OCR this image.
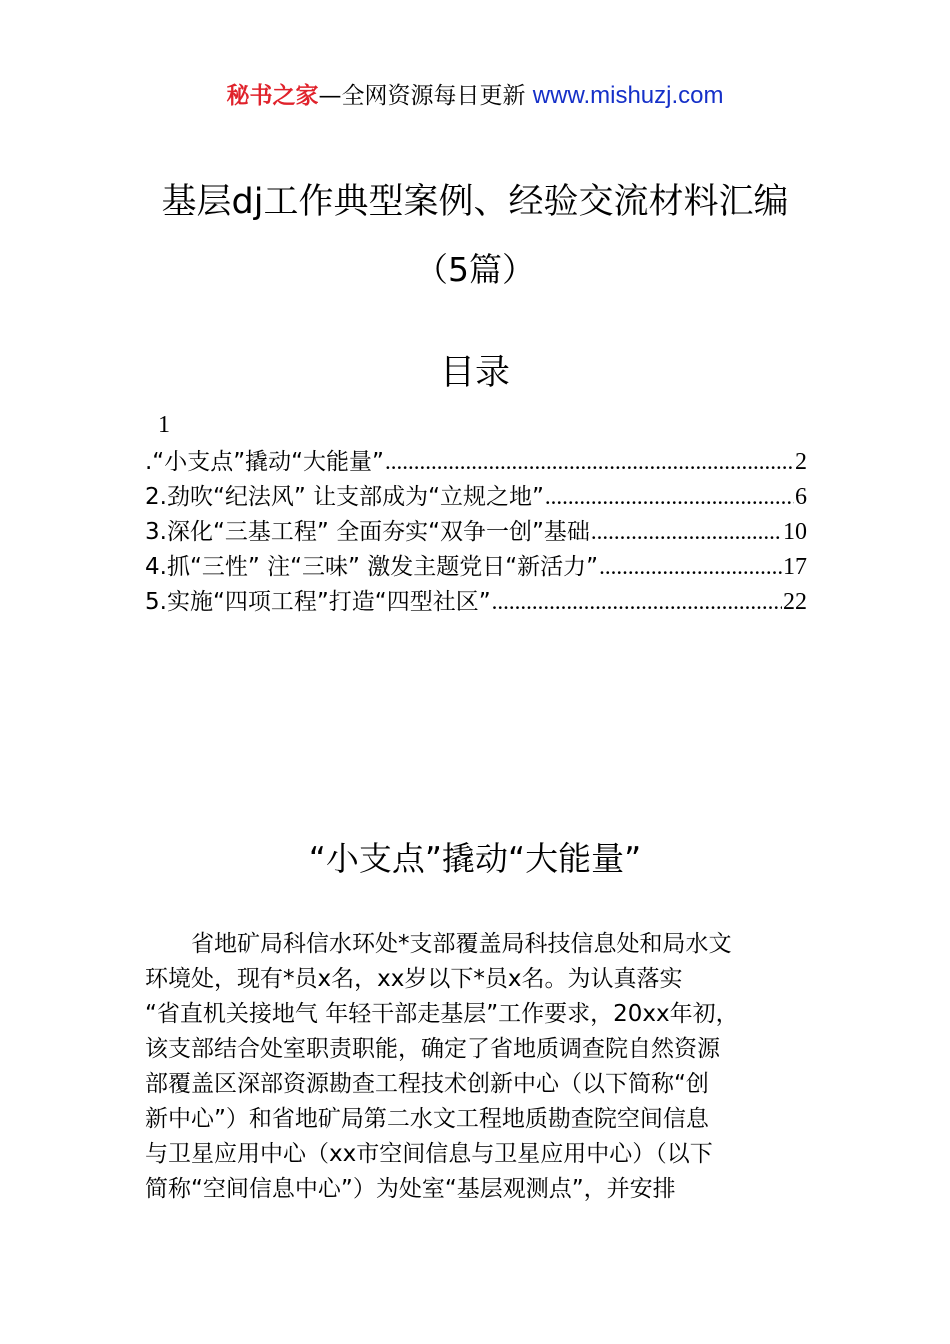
秘书之家—全网资源每日更新 www.mishuzj.com
基层dj工作典型案例、经验交流材料汇编
（5篇）
目录
1
.“小支点”撬动“大能量” .....	2
2.劲吹“纪法风” 让支部成为“立规之地” .....	6
3.深化“三基工程” 全面夯实“双争一创”基础 .....	10
4.抓“三性” 注“三味” 激发主题党日“新活力” .....	17
5.实施“四项工程”打造“四型社区” .....	22
“小支点”撬动“大能量”
　　省地矿局科信水环处*支部覆盖局科技信息处和局水文
环境处，现有*员x名，xx岁以下*员x名。为认真落实
“省直机关接地气 年轻干部走基层”工作要求，20xx年初，
该支部结合处室职责职能，确定了省地质调查院自然资源
部覆盖区深部资源勘查工程技术创新中心（以下简称“创
新中心”）和省地矿局第二水文工程地质勘查院空间信息
与卫星应用中心（xx市空间信息与卫星应用中心）（以下
简称“空间信息中心”）为处室“基层观测点”，并安排
